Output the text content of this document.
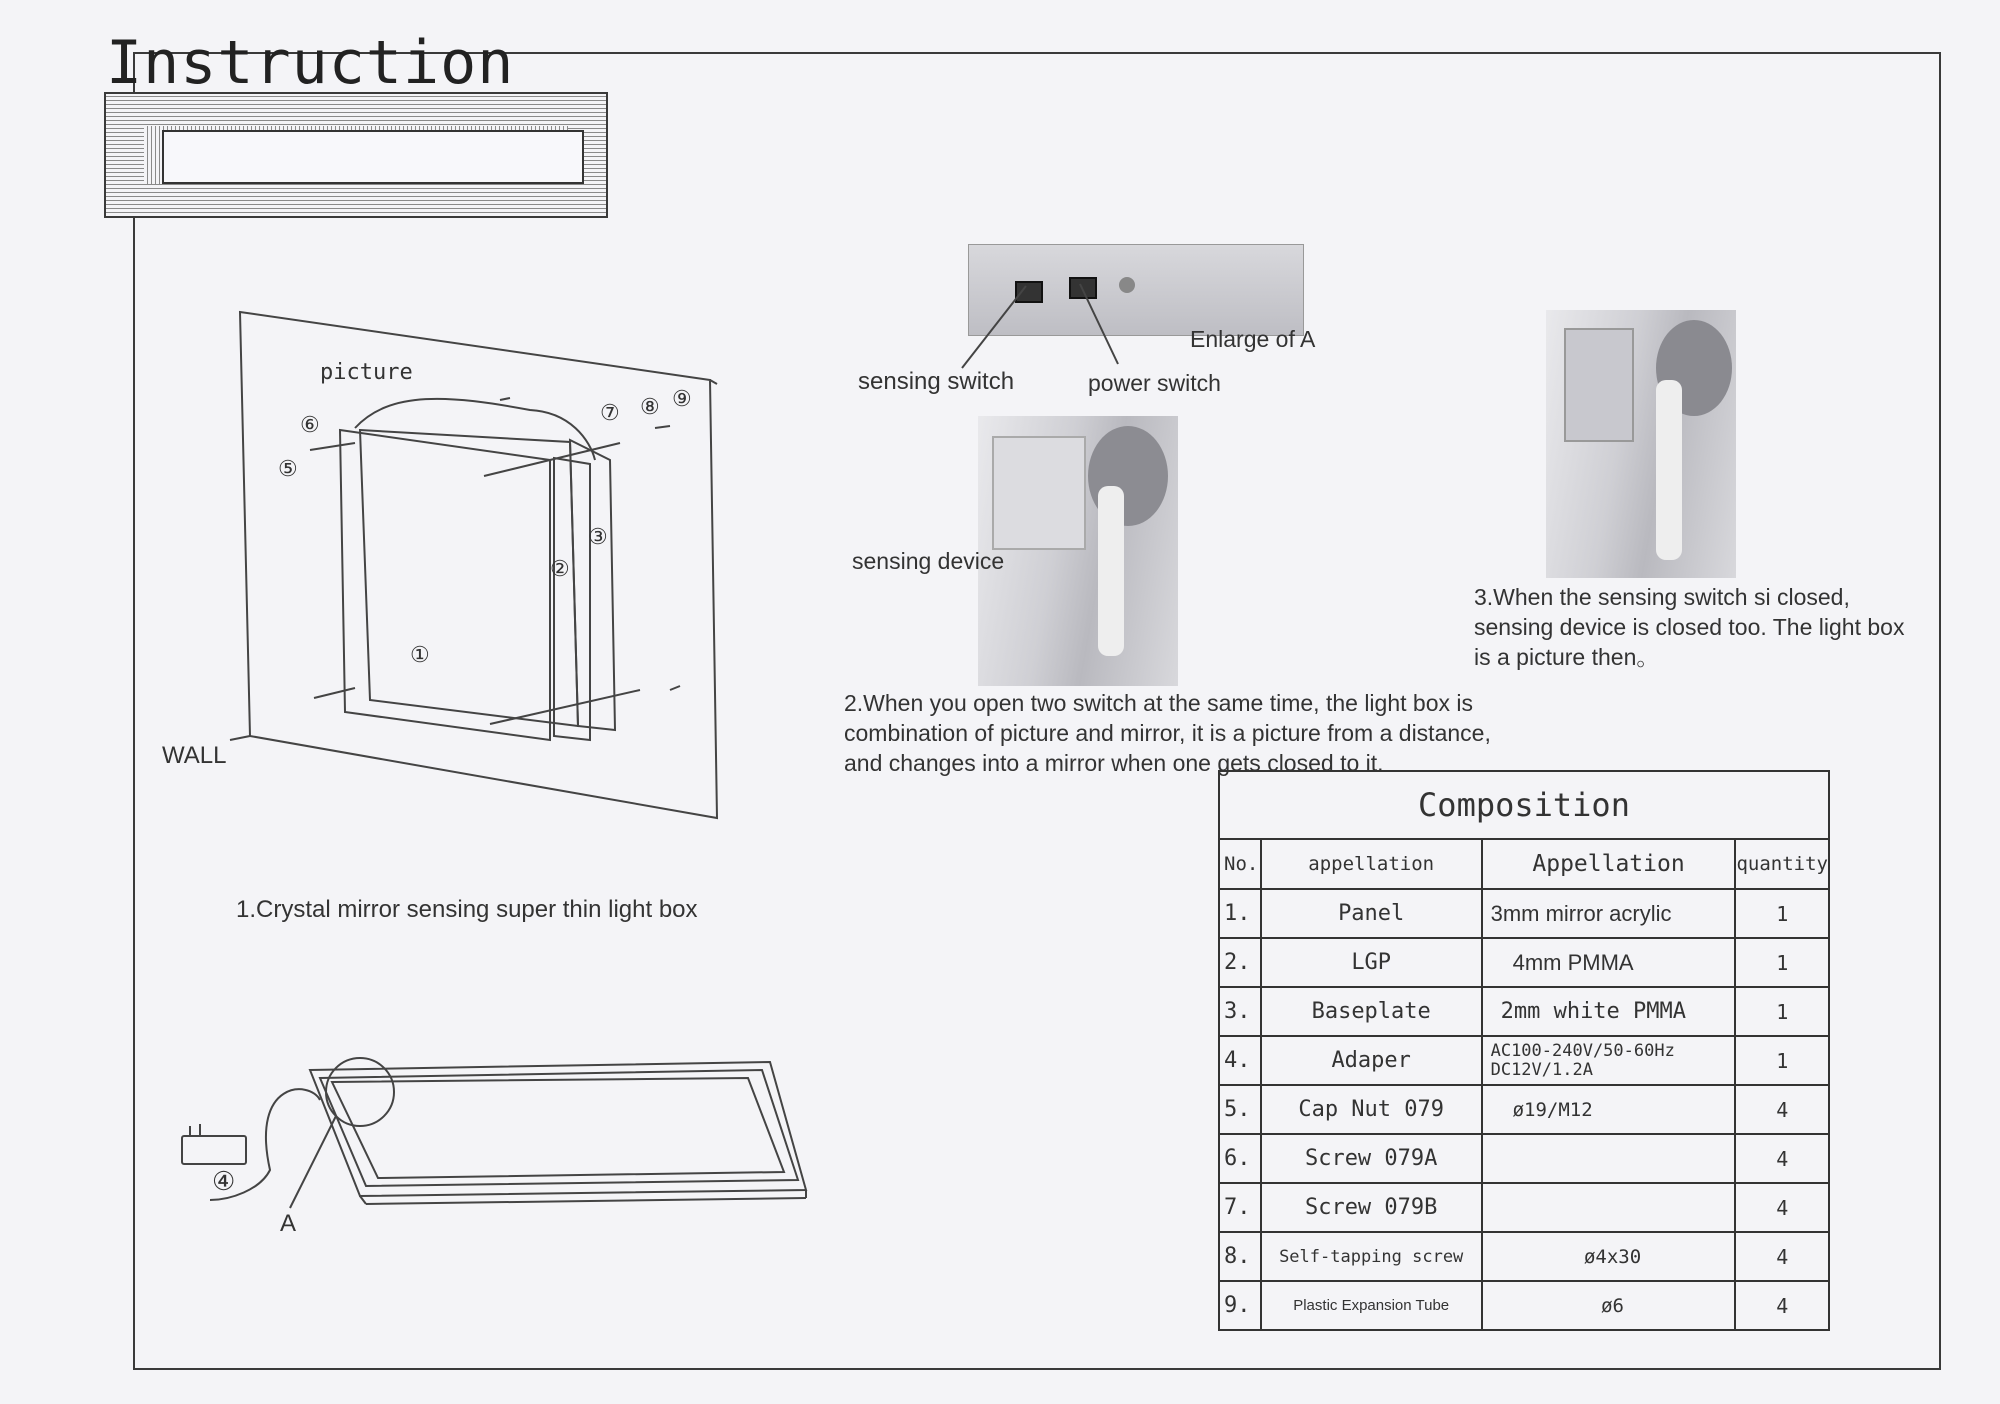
Instruction
picture
WALL
⑥
⑤
⑦ ⑧ ⑨
③
②
①
1.Crystal mirror sensing super thin light box
④
A
Enlarge of A
sensing switch	power switch
sensing device
2.When you open two switch at the same time, the light box is combination of picture and mirror, it is a picture from a distance, and changes into a mirror when one gets closed to it.
3.When the sensing switch si closed, sensing device is closed too. The light box is a picture then。
Composition			
No.	appellation	Appellation	quantity
1.	Panel	3mm mirror acrylic	1
2.	LGP	4mm PMMA	1
3.	Baseplate	2mm white PMMA	1
4.	Adaper	AC100-240V/50-60Hz DC12V/1.2A	1
5.	Cap Nut 079	ø19/M12	4
6.	Screw 079A		4
7.	Screw 079B		4
8.	Self-tapping screw	ø4x30	4
9.	Plastic Expansion Tube	ø6	4
